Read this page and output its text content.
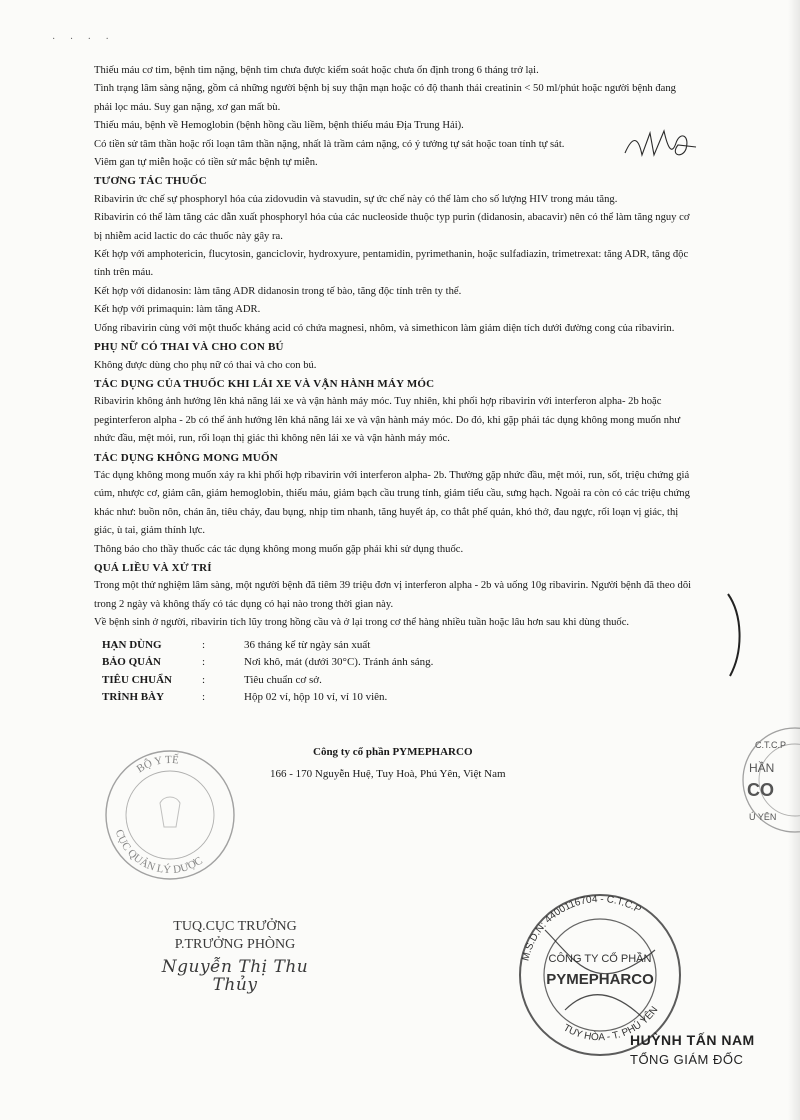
· · · ·

Thiếu máu cơ tim, bệnh tim nặng, bệnh tim chưa được kiểm soát hoặc chưa ổn định trong 6 tháng trở lại.

Tình trạng lâm sàng nặng, gồm cả những người bệnh bị suy thận mạn hoặc có độ thanh thải creatinin < 50 ml/phút hoặc người bệnh đang phải lọc máu. Suy gan nặng, xơ gan mất bù.

Thiếu máu, bệnh về Hemoglobin (bệnh hồng cầu liềm, bệnh thiếu máu Địa Trung Hải).

Có tiền sử tâm thần hoặc rối loạn tâm thần nặng, nhất là trầm cảm nặng, có ý tưởng tự sát hoặc toan tính tự sát.

Viêm gan tự miễn hoặc có tiền sử mắc bệnh tự miễn.

TƯƠNG TÁC THUỐC

Ribavirin ức chế sự phosphoryl hóa của zidovudin và stavudin, sự ức chế này có thể làm cho số lượng HIV trong máu tăng.

Ribavirin có thể làm tăng các dẫn xuất phosphoryl hóa của các nucleoside thuộc typ purin (didanosin, abacavir) nên có thể làm tăng nguy cơ bị nhiễm acid lactic do các thuốc này gây ra.

Kết hợp với amphotericin, flucytosin, ganciclovir, hydroxyure, pentamidin, pyrimethanin, hoặc sulfadiazin, trimetrexat: tăng ADR, tăng độc tính trên máu.

Kết hợp với didanosin: làm tăng ADR didanosin trong tế bào, tăng độc tính trên ty thể.

Kết hợp với primaquin: làm tăng ADR.

Uống ribavirin cùng với một thuốc kháng acid có chứa magnesi, nhôm, và simethicon làm giảm diện tích dưới đường cong của ribavirin.

PHỤ NỮ CÓ THAI VÀ CHO CON BÚ

Không được dùng cho phụ nữ có thai và cho con bú.

TÁC DỤNG CỦA THUỐC KHI LÁI XE VÀ VẬN HÀNH MÁY MÓC

Ribavirin không ảnh hưởng lên khả năng lái xe và vận hành máy móc. Tuy nhiên, khi phối hợp ribavirin với interferon alpha- 2b hoặc peginterferon alpha - 2b có thể ảnh hưởng lên khả năng lái xe và vận hành máy móc. Do đó, khi gặp phải tác dụng không mong muốn như nhức đầu, mệt mỏi, run, rối loạn thị giác thì không nên lái xe và vận hành máy móc.

TÁC DỤNG KHÔNG MONG MUỐN

Tác dụng không mong muốn xảy ra khi phối hợp ribavirin với interferon alpha- 2b. Thường gặp nhức đầu, mệt mỏi, run, sốt, triệu chứng giả cúm, nhược cơ, giảm cân, giảm hemoglobin, thiếu máu, giảm bạch cầu trung tính, giảm tiểu cầu, sưng hạch. Ngoài ra còn có các triệu chứng khác như: buồn nôn, chán ăn, tiêu chảy, đau bụng, nhịp tim nhanh, tăng huyết áp, co thắt phế quản, khó thở, đau ngực, rối loạn vị giác, thị giác, ù tai, giảm thính lực.

Thông báo cho thầy thuốc các tác dụng không mong muốn gặp phải khi sử dụng thuốc.

QUÁ LIỀU VÀ XỬ TRÍ

Trong một thử nghiệm lâm sàng, một người bệnh đã tiêm 39 triệu đơn vị interferon alpha - 2b và uống 10g ribavirin. Người bệnh đã theo dõi trong 2 ngày và không thấy có tác dụng có hại nào trong thời gian này.

Về bệnh sinh ở người, ribavirin tích lũy trong hồng cầu và ở lại trong cơ thể hàng nhiều tuần hoặc lâu hơn sau khi dùng thuốc.

HẠN DÙNG	:	36 tháng kể từ ngày sản xuất
BẢO QUẢN	:	Nơi khô, mát (dưới 30°C). Tránh ánh sáng.
TIÊU CHUẨN	:	Tiêu chuẩn cơ sở.
TRÌNH BÀY	:	Hộp 02 vỉ, hộp 10 vỉ, vỉ 10 viên.
Công ty cổ phần PYMEPHARCO
166 - 170 Nguyễn Huệ, Tuy Hoà, Phú Yên, Việt Nam
BỘ Y TẾ
CỤC QUẢN LÝ DƯỢC
TUQ.CỤC TRƯỞNG
P.TRƯỞNG PHÒNG
Nguyễn Thị Thu Thủy
C.T.C.P
HẦN
CO
Ú YÊN
M.S.D.N: 4400116704 - C.T.C.P
TUY HÒA - T. PHÚ YÊN
CÔNG TY CỔ PHẦN
PYMEPHARCO
HUỲNH TẤN NAM
TỔNG GIÁM ĐỐC
